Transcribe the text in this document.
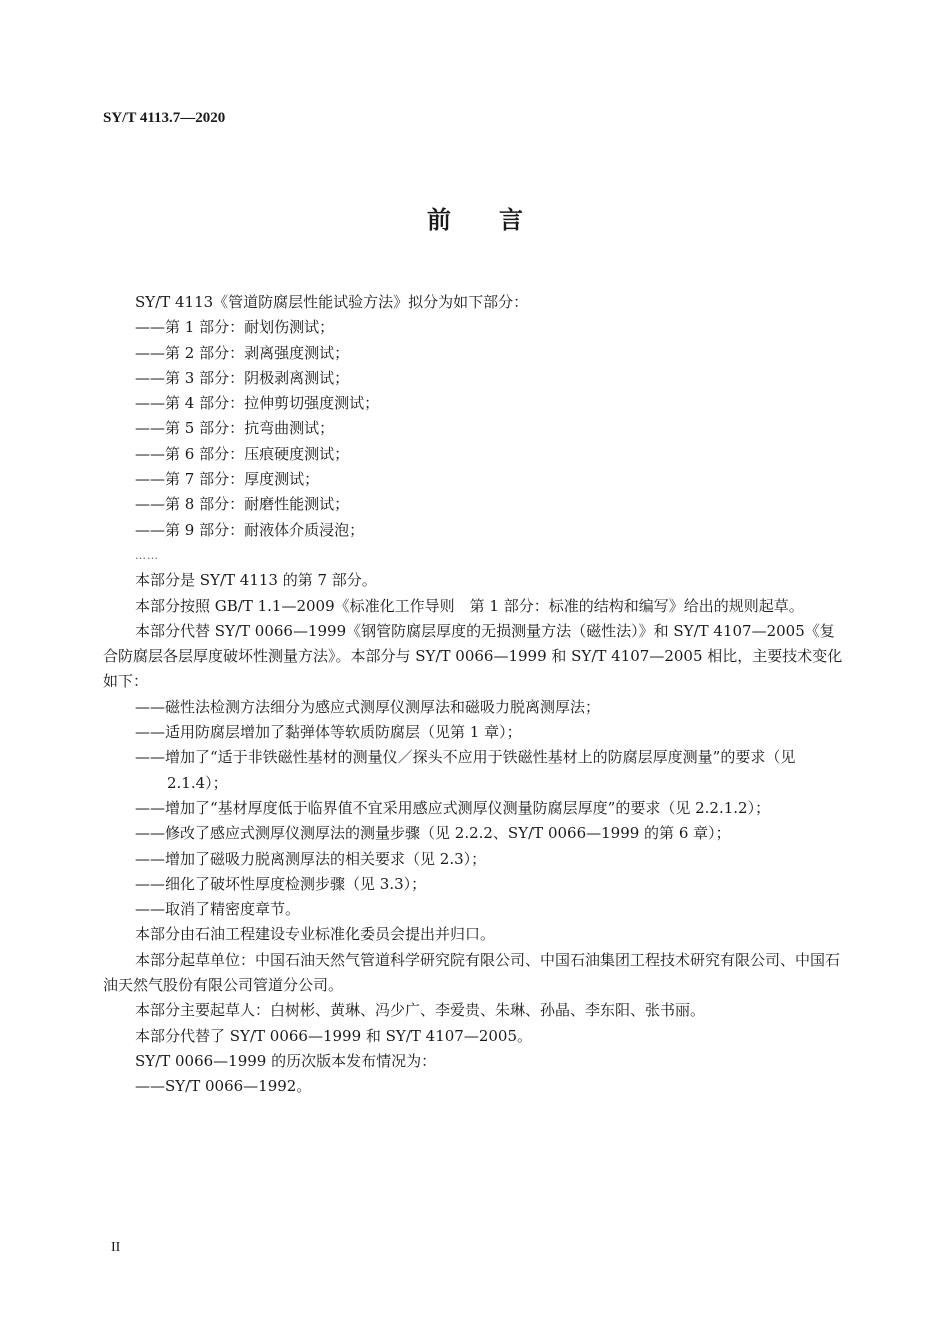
SY/T 4113.7—2020
前言

SY/T 4113《管道防腐层性能试验方法》拟分为如下部分：

——第 1 部分：耐划伤测试；

——第 2 部分：剥离强度测试；

——第 3 部分：阴极剥离测试；

——第 4 部分：拉伸剪切强度测试；

——第 5 部分：抗弯曲测试；

——第 6 部分：压痕硬度测试；

——第 7 部分：厚度测试；

——第 8 部分：耐磨性能测试；

——第 9 部分：耐液体介质浸泡；

……

本部分是 SY/T 4113 的第 7 部分。

本部分按照 GB/T 1.1—2009《标准化工作导则　第 1 部分：标准的结构和编写》给出的规则起草。

本部分代替 SY/T 0066—1999《钢管防腐层厚度的无损测量方法（磁性法）》和 SY/T 4107—2005《复合防腐层各层厚度破坏性测量方法》。本部分与 SY/T 0066—1999 和 SY/T 4107—2005 相比，主要技术变化如下：

——磁性法检测方法细分为感应式测厚仪测厚法和磁吸力脱离测厚法；

——适用防腐层增加了黏弹体等软质防腐层（见第 1 章）；

——增加了“适于非铁磁性基材的测量仪／探头不应用于铁磁性基材上的防腐层厚度测量”的要求（见 2.1.4）；

——增加了“基材厚度低于临界值不宜采用感应式测厚仪测量防腐层厚度”的要求（见 2.2.1.2）；

——修改了感应式测厚仪测厚法的测量步骤（见 2.2.2、SY/T 0066—1999 的第 6 章）；

——增加了磁吸力脱离测厚法的相关要求（见 2.3）；

——细化了破坏性厚度检测步骤（见 3.3）；

——取消了精密度章节。

本部分由石油工程建设专业标准化委员会提出并归口。

本部分起草单位：中国石油天然气管道科学研究院有限公司、中国石油集团工程技术研究有限公司、中国石油天然气股份有限公司管道分公司。

本部分主要起草人：白树彬、黄琳、冯少广、李爱贵、朱琳、孙晶、李东阳、张书丽。

本部分代替了 SY/T 0066—1999 和 SY/T 4107—2005。

SY/T 0066—1999 的历次版本发布情况为：

——SY/T 0066—1992。

II
